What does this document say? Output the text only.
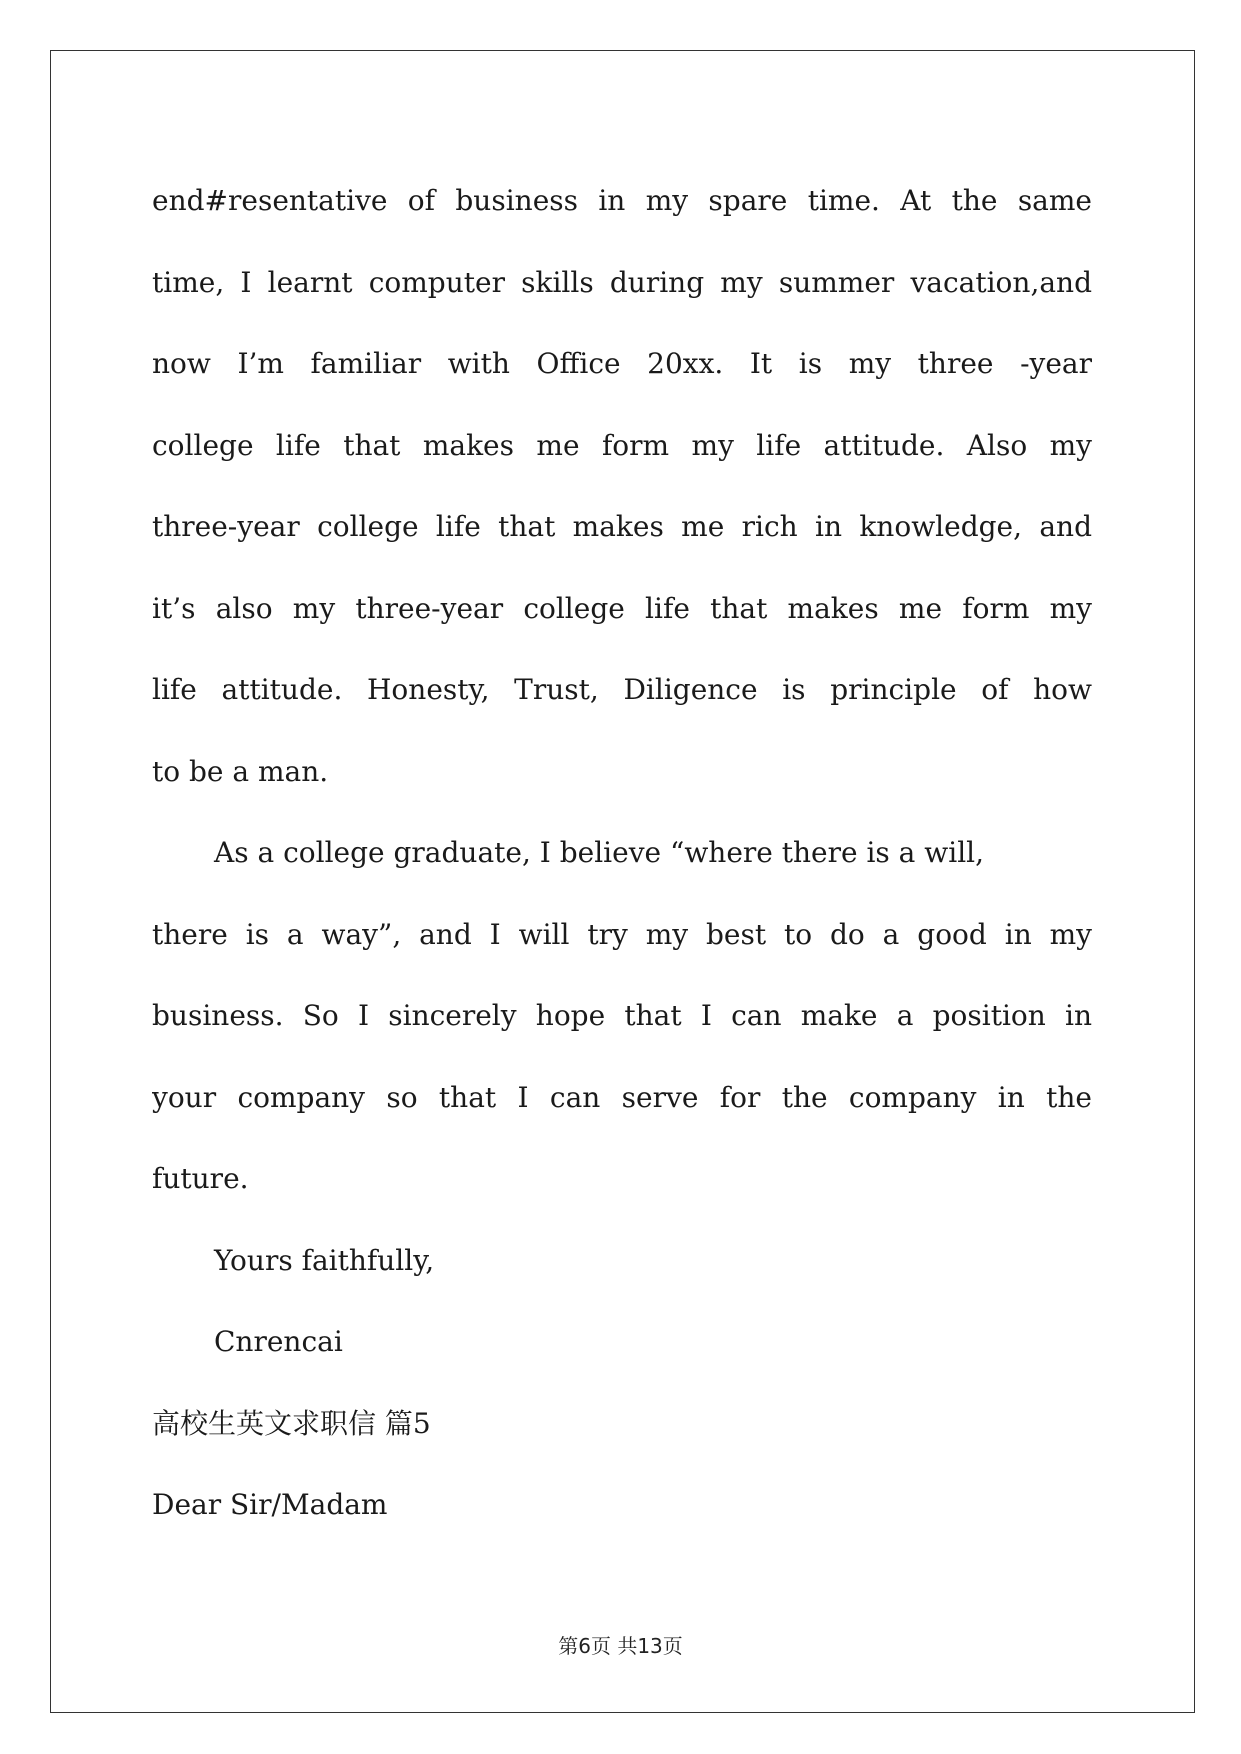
end#resentative of business in my spare time. At the same
time, I learnt computer skills during my summer vacation,and
now I’m familiar with Office 20xx. It is my three -year
college life that makes me form my life attitude. Also my
three-year college life that makes me rich in knowledge, and
it’s also my three-year college life that makes me form my
life attitude. Honesty, Trust, Diligence is principle of how
to be a man.
As a college graduate, I believe “where there is a will,
there is a way”, and I will try my best to do a good in my
business. So I sincerely hope that I can make a position in
your company so that I can serve for the company in the
future.
Yours faithfully,
Cnrencai
高校生英文求职信 篇5
Dear Sir/Madam
第6页 共13页
